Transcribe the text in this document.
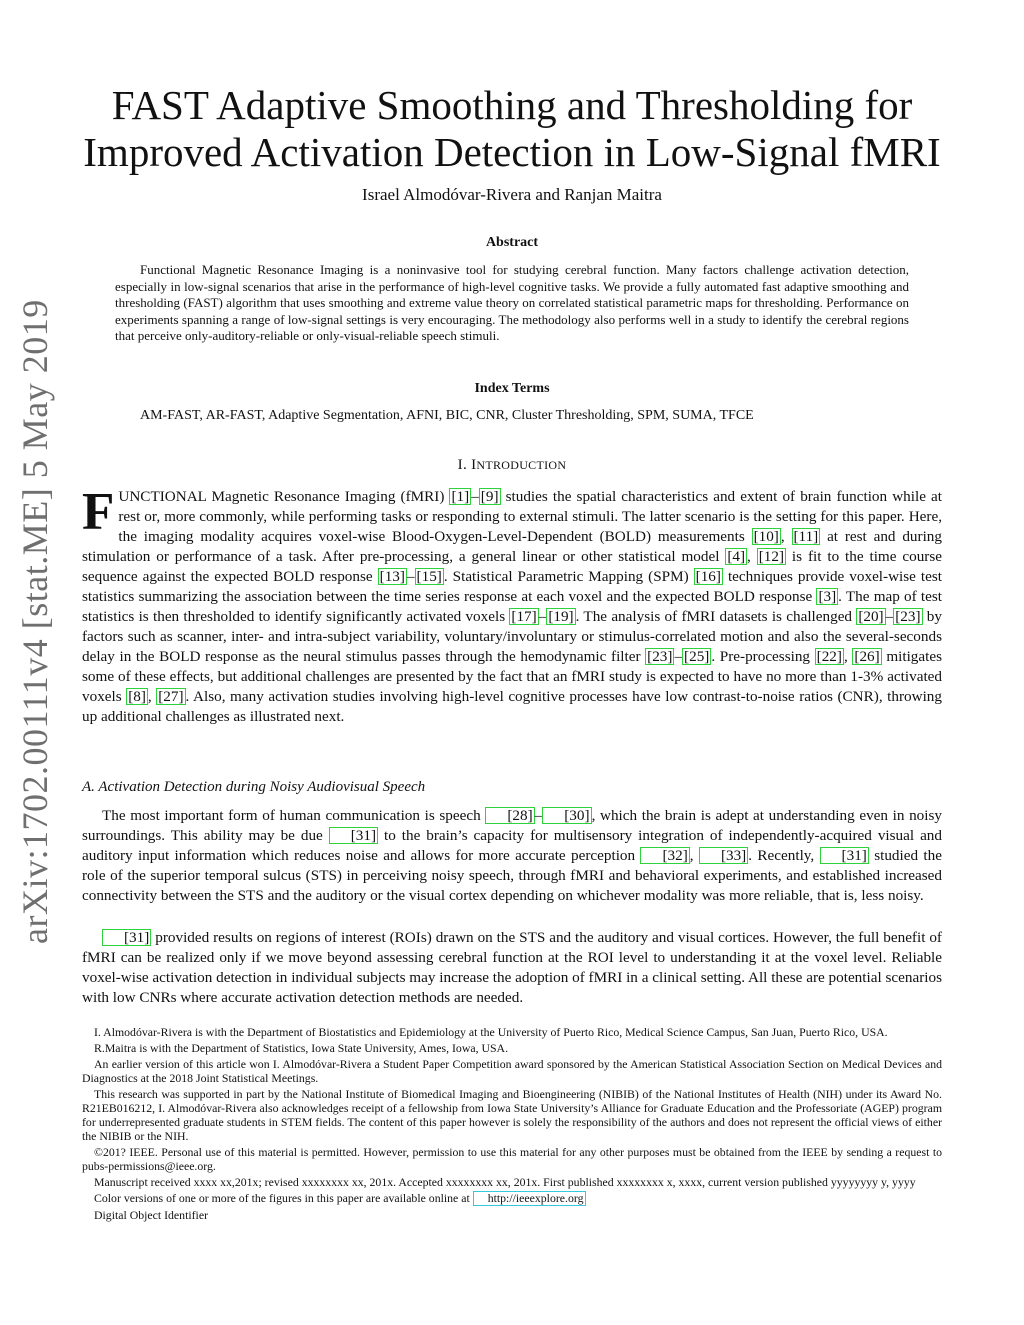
arXiv:1702.00111v4 [stat.ME] 5 May 2019
FAST Adaptive Smoothing and Thresholding for
Improved Activation Detection in Low-Signal fMRI
Israel Almodóvar-Rivera and Ranjan Maitra
Abstract
Functional Magnetic Resonance Imaging is a noninvasive tool for studying cerebral function. Many factors challenge activation detection, especially in low-signal scenarios that arise in the performance of high-level cognitive tasks. We provide a fully automated fast adaptive smoothing and thresholding (FAST) algorithm that uses smoothing and extreme value theory on correlated statistical parametric maps for thresholding. Performance on experiments spanning a range of low-signal settings is very encouraging. The methodology also performs well in a study to identify the cerebral regions that perceive only-auditory-reliable or only-visual-reliable speech stimuli.
Index Terms
AM-FAST, AR-FAST, Adaptive Segmentation, AFNI, BIC, CNR, Cluster Thresholding, SPM, SUMA, TFCE
I. INTRODUCTION

FUNCTIONAL Magnetic Resonance Imaging (fMRI) [1] – [9] studies the spatial characteristics and extent of brain function while at rest or, more commonly, while performing tasks or responding to external stimuli. The latter scenario is the setting for this paper. Here, the imaging modality acquires voxel-wise Blood-Oxygen-Level-Dependent (BOLD) measurements [10] , [11] at rest and during stimulation or performance of a task. After pre-processing, a general linear or other statistical model [4] , [12] is fit to the time course sequence against the expected BOLD response [13] – [15] . Statistical Parametric Mapping (SPM) [16] techniques provide voxel-wise test statistics summarizing the association between the time series response at each voxel and the expected BOLD response [3] . The map of test statistics is then thresholded to identify significantly activated voxels [17] – [19] . The analysis of fMRI datasets is challenged [20] – [23] by factors such as scanner, inter- and intra-subject variability, voluntary/involuntary or stimulus-correlated motion and also the several-seconds delay in the BOLD response as the neural stimulus passes through the hemodynamic filter [23] – [25] . Pre-processing [22] , [26] mitigates some of these effects, but additional challenges are presented by the fact that an fMRI study is expected to have no more than 1-3% activated voxels [8] , [27] . Also, many activation studies involving high-level cognitive processes have low contrast-to-noise ratios (CNR), throwing up additional challenges as illustrated next.

A. Activation Detection during Noisy Audiovisual Speech

The most important form of human communication is speech [28] – [30] , which the brain is adept at understanding even in noisy surroundings. This ability may be due [31] to the brain’s capacity for multisensory integration of independently-acquired visual and auditory input information which reduces noise and allows for more accurate perception [32] , [33] . Recently, [31] studied the role of the superior temporal sulcus (STS) in perceiving noisy speech, through fMRI and behavioral experiments, and established increased connectivity between the STS and the auditory or the visual cortex depending on whichever modality was more reliable, that is, less noisy.

[31] provided results on regions of interest (ROIs) drawn on the STS and the auditory and visual cortices. However, the full benefit of fMRI can be realized only if we move beyond assessing cerebral function at the ROI level to understanding it at the voxel level. Reliable voxel-wise activation detection in individual subjects may increase the adoption of fMRI in a clinical setting. All these are potential scenarios with low CNRs where accurate activation detection methods are needed.

I. Almodóvar-Rivera is with the Department of Biostatistics and Epidemiology at the University of Puerto Rico, Medical Science Campus, San Juan, Puerto Rico, USA.

R.Maitra is with the Department of Statistics, Iowa State University, Ames, Iowa, USA.

An earlier version of this article won I. Almodóvar-Rivera a Student Paper Competition award sponsored by the American Statistical Association Section on Medical Devices and Diagnostics at the 2018 Joint Statistical Meetings.

This research was supported in part by the National Institute of Biomedical Imaging and Bioengineering (NIBIB) of the National Institutes of Health (NIH) under its Award No. R21EB016212, I. Almodóvar-Rivera also acknowledges receipt of a fellowship from Iowa State University’s Alliance for Graduate Education and the Professoriate (AGEP) program for underrepresented graduate students in STEM fields. The content of this paper however is solely the responsibility of the authors and does not represent the official views of either the NIBIB or the NIH.

©201? IEEE. Personal use of this material is permitted. However, permission to use this material for any other purposes must be obtained from the IEEE by sending a request to pubs-permissions@ieee.org.

Manuscript received xxxx xx,201x; revised xxxxxxxx xx, 201x. Accepted xxxxxxxx xx, 201x. First published xxxxxxxx x, xxxx, current version published yyyyyyyy y, yyyy

Color versions of one or more of the figures in this paper are available online at http://ieeexplore.org

Digital Object Identifier
